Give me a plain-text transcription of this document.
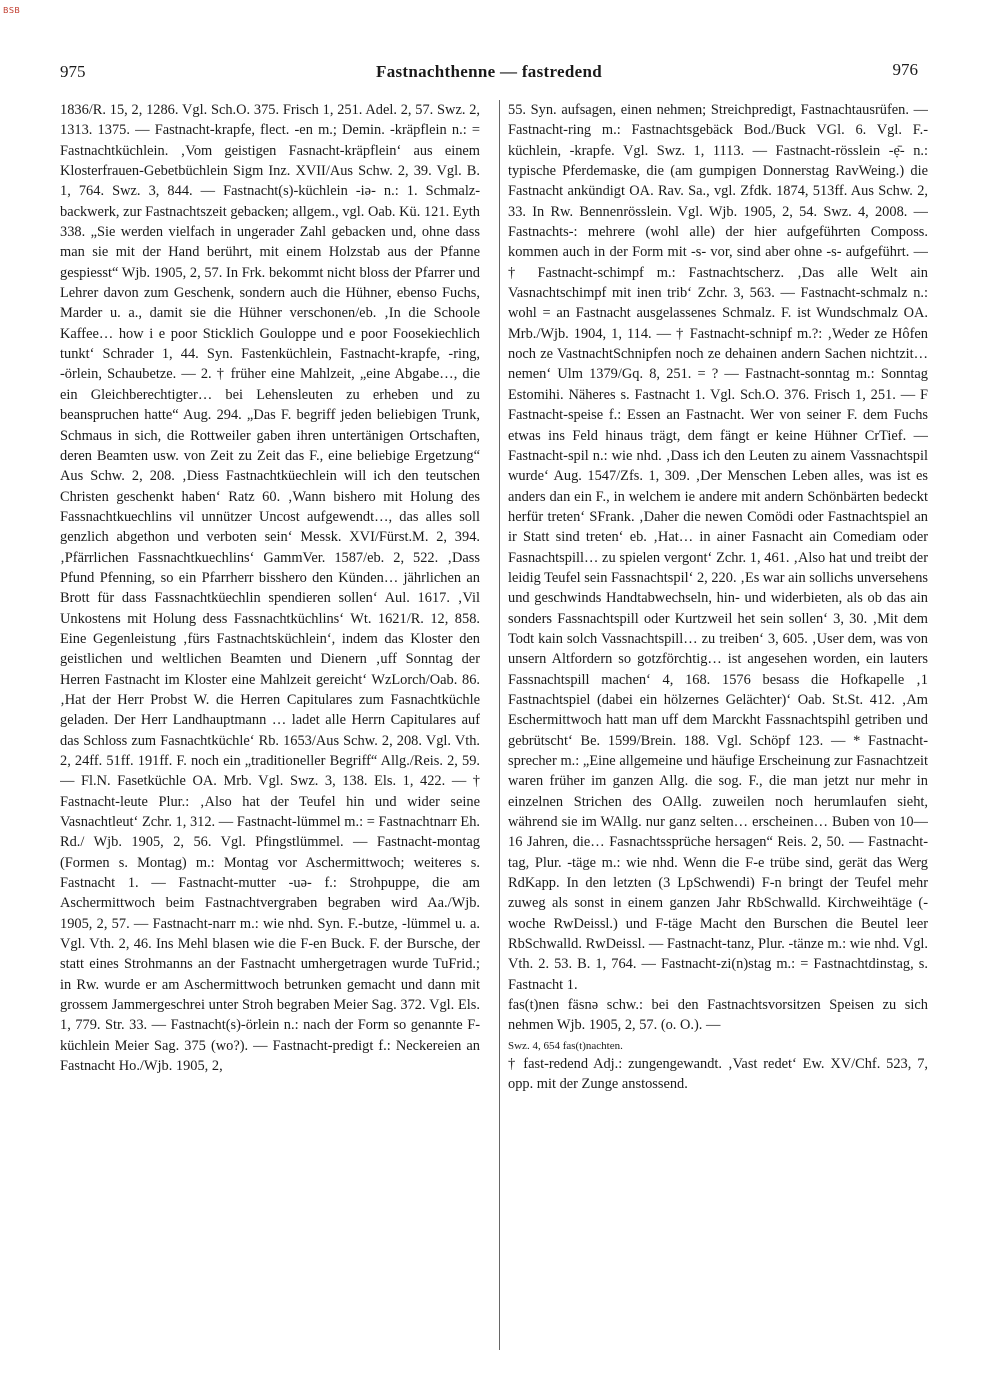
BSB
975	Fastnachthenne — fastredend	976

1836/R. 15, 2, 1286. Vgl. Sch.O. 375. Frisch 1, 251. Adel. 2, 57. Swz. 2, 1313. 1375. — Fastnacht-krapfe, flect. -en m.; Demin. -kräpflein n.: = Fastnachtküchlein. ‚Vom geistigen Fasnacht-kräpflein‘ aus einem Klosterfrauen-Gebetbüchlein Sigm Inz. XVII/Aus Schw. 2, 39. Vgl. B. 1, 764. Swz. 3, 844. — Fastnacht(s)-küchlein -iə- n.: 1. Schmalz-backwerk, zur Fastnachtszeit gebacken; allgem., vgl. Oab. Kü. 121. Eyth 338. „Sie werden vielfach in ungerader Zahl gebacken und, ohne dass man sie mit der Hand berührt, mit einem Holzstab aus der Pfanne gespiesst“ Wjb. 1905, 2, 57. In Frk. bekommt nicht bloss der Pfarrer und Lehrer davon zum Geschenk, sondern auch die Hühner, ebenso Fuchs, Marder u. a., damit sie die Hühner verschonen/eb. ‚In die Schoole Kaffee… how i e poor Sticklich Gouloppe und e poor Foosekiechlich tunkt‘ Schrader 1, 44. Syn. Fastenküchlein, Fastnacht-krapfe, -ring, -örlein, Schaubetze. — 2. † früher eine Mahlzeit, „eine Abgabe…, die ein Gleichberechtigter… bei Lehensleuten zu erheben und zu beanspruchen hatte“ Aug. 294. „Das F. begriff jeden beliebigen Trunk, Schmaus in sich, die Rottweiler gaben ihren untertänigen Ortschaften, deren Beamten usw. von Zeit zu Zeit das F., eine beliebige Ergetzung“ Aus Schw. 2, 208. ‚Diess Fastnachtküechlein will ich den teutschen Christen geschenkt haben‘ Ratz 60. ‚Wann bishero mit Holung des Fassnachtkuechlins vil unnützer Uncost aufgewendt…, das alles soll genzlich abgethon und verboten sein‘ Messk. XVI/Fürst.M. 2, 394. ‚Pfärrlichen Fassnachtkuechlins‘ GammVer. 1587/eb. 2, 522. ‚Dass Pfund Pfenning, so ein Pfarrherr bisshero den Künden… jährlichen an Brott für dass Fassnachtküechlin spendieren sollen‘ Aul. 1617. ‚Vil Unkostens mit Holung dess Fassnachtküchlins‘ Wt. 1621/R. 12, 858. Eine Gegenleistung ‚fürs Fastnachtsküchlein‘, indem das Kloster den geistlichen und weltlichen Beamten und Dienern ‚uff Sonntag der Herren Fastnacht im Kloster eine Mahlzeit gereicht‘ WzLorch/Oab. 86. ‚Hat der Herr Probst W. die Herren Capitulares zum Fasnachtküchle geladen. Der Herr Landhauptmann … ladet alle Herrn Capitulares auf das Schloss zum Fasnachtküchle‘ Rb. 1653/Aus Schw. 2, 208. Vgl. Vth. 2, 24ff. 51ff. 191ff. F. noch ein „traditioneller Begriff“ Allg./Reis. 2, 59. — Fl.N. Fasetküchle OA. Mrb. Vgl. Swz. 3, 138. Els. 1, 422. — † Fastnacht-leute Plur.: ‚Also hat der Teufel hin und wider seine Vasnachtleut‘ Zchr. 1, 312. — Fastnacht-lümmel m.: = Fastnachtnarr Eh. Rd./ Wjb. 1905, 2, 56. Vgl. Pfingstlümmel. — Fastnacht-montag (Formen s. Montag) m.: Montag vor Aschermittwoch; weiteres s. Fastnacht 1. — Fastnacht-mutter -uə- f.: Strohpuppe, die am Aschermittwoch beim Fastnachtvergraben begraben wird Aa./Wjb. 1905, 2, 57. — Fastnacht-narr m.: wie nhd. Syn. F.-butze, -lümmel u. a. Vgl. Vth. 2, 46. Ins Mehl blasen wie die F-en Buck. F. der Bursche, der statt eines Strohmanns an der Fastnacht umhergetragen wurde TuFrid.; in Rw. wurde er am Aschermittwoch betrunken gemacht und dann mit grossem Jammergeschrei unter Stroh begraben Meier Sag. 372. Vgl. Els. 1, 779. Str. 33. — Fastnacht(s)-örlein n.: nach der Form so genannte F-küchlein Meier Sag. 375 (wo?). — Fastnacht-predigt f.: Neckereien an Fastnacht Ho./Wjb. 1905, 2,

55. Syn. aufsagen, einen nehmen; Streichpredigt, Fastnachtausrüfen. — Fastnacht-ring m.: Fastnachtsgebäck Bod./Buck VGl. 6. Vgl. F.-küchlein, -krapfe. Vgl. Swz. 1, 1113. — Fastnacht-rösslein -ẹ̄- n.: typische Pferdemaske, die (am gumpigen Donnerstag RavWeing.) die Fastnacht ankündigt OA. Rav. Sa., vgl. Zfdk. 1874, 513ff. Aus Schw. 2, 33. In Rw. Bennenrösslein. Vgl. Wjb. 1905, 2, 54. Swz. 4, 2008. — Fastnachts-: mehrere (wohl alle) der hier aufgeführten Composs. kommen auch in der Form mit -s- vor, sind aber ohne -s- aufgeführt. — † Fastnacht-schimpf m.: Fastnachtscherz. ‚Das alle Welt ain Vasnachtschimpf mit inen trib‘ Zchr. 3, 563. — Fastnacht-schmalz n.: wohl = an Fastnacht ausgelassenes Schmalz. F. ist Wundschmalz OA. Mrb./Wjb. 1904, 1, 114. — † Fastnacht-schnipf m.?: ‚Weder ze Hôfen noch ze VastnachtSchnipfen noch ze dehainen andern Sachen nichtzit… nemen‘ Ulm 1379/Gq. 8, 251. = ? — Fastnacht-sonntag m.: Sonntag Estomihi. Näheres s. Fastnacht 1. Vgl. Sch.O. 376. Frisch 1, 251. — F Fastnacht-speise f.: Essen an Fastnacht. Wer von seiner F. dem Fuchs etwas ins Feld hinaus trägt, dem fängt er keine Hühner CrTief. — Fastnacht-spil n.: wie nhd. ‚Dass ich den Leuten zu ainem Vassnachtspil wurde‘ Aug. 1547/Zfs. 1, 309. ‚Der Menschen Leben alles, was ist es anders dan ein F., in welchem ie andere mit andern Schönbärten bedeckt herfür treten‘ SFrank. ‚Daher die newen Comödi oder Fastnachtspiel an ir Statt sind treten‘ eb. ‚Hat… in ainer Fasnacht ain Comediam oder Fasnachtspill… zu spielen vergont‘ Zchr. 1, 461. ‚Also hat und treibt der leidig Teufel sein Fassnachtspil‘ 2, 220. ‚Es war ain sollichs unversehens und geschwinds Handtabwechseln, hin- und widerbieten, als ob das ain sonders Fassnachtspill oder Kurtzweil het sein sollen‘ 3, 30. ‚Mit dem Todt kain solch Vassnachtspill… zu treiben‘ 3, 605. ‚User dem, was von unsern Altfordern so gotzförchtig… ist angesehen worden, ein lauters Fassnachtspill machen‘ 4, 168. 1576 besass die Hofkapelle ‚1 Fastnachtspiel (dabei ein hölzernes Gelächter)‘ Oab. St.St. 412. ‚Am Eschermittwoch hatt man uff dem Marckht Fassnachtspihl getriben und gebrütscht‘ Be. 1599/Brein. 188. Vgl. Schöpf 123. — * Fastnacht-sprecher m.: „Eine allgemeine und häufige Erscheinung zur Fasnachtzeit waren früher im ganzen Allg. die sog. F., die man jetzt nur mehr in einzelnen Strichen des OAllg. zuweilen noch herumlaufen sieht, während sie im WAllg. nur ganz selten… erscheinen… Buben von 10—16 Jahren, die… Fasnachtssprüche hersagen“ Reis. 2, 50. — Fastnacht-tag, Plur. -täge m.: wie nhd. Wenn die F-e trübe sind, gerät das Werg RdKapp. In den letzten (3 LpSchwendi) F-n bringt der Teufel mehr zuweg als sonst in einem ganzen Jahr RbSchwalld. Kirchweihtäge (-woche RwDeissl.) und F-täge Macht den Burschen die Beutel leer RbSchwalld. RwDeissl. — Fastnacht-tanz, Plur. -tänze m.: wie nhd. Vgl. Vth. 2. 53. B. 1, 764. — Fastnacht-zi(n)stag m.: = Fastnachtdinstag, s. Fastnacht 1.

fas(t)nen fäsnə schw.: bei den Fastnachtsvorsitzen Speisen zu sich nehmen Wjb. 1905, 2, 57. (o. O.). —

Swz. 4, 654 fas(t)nachten.

† fast-redend Adj.: zungengewandt. ‚Vast redet‘ Ew. XV/Chf. 523, 7, opp. mit der Zunge anstossend.
